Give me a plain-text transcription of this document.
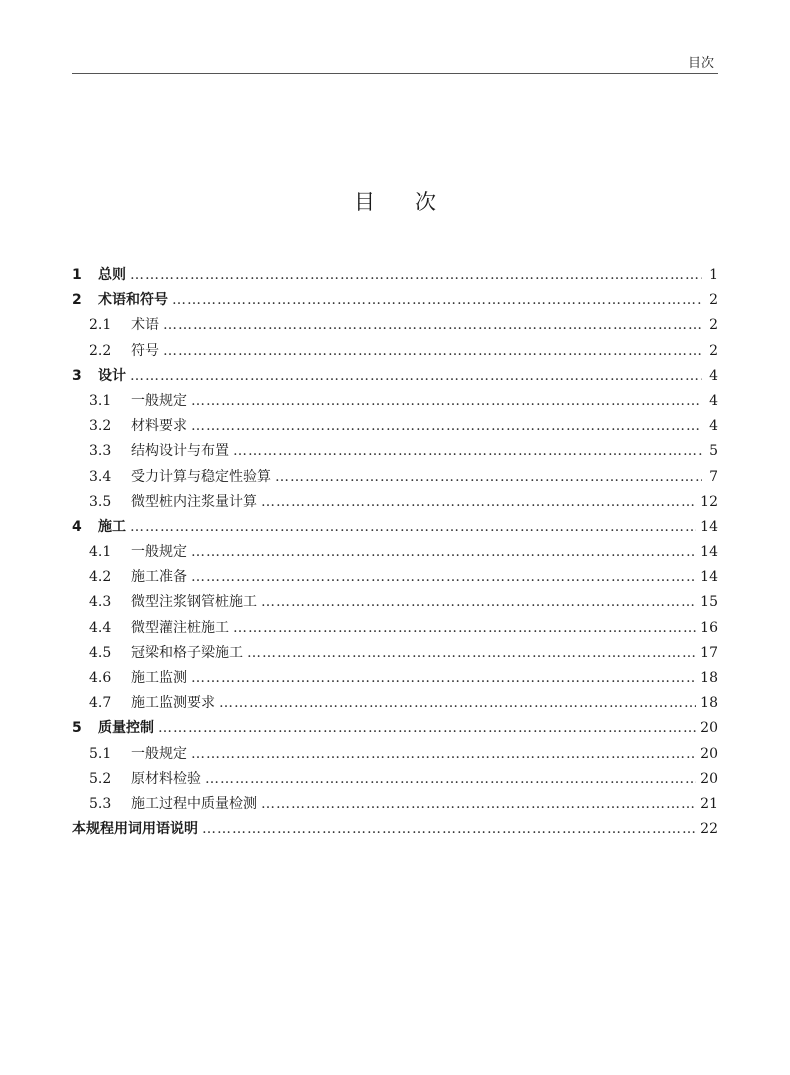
目次
目次
1 总则 ………………………………………………………………………………………………………………………………………………………………………………………………	1
2 术语和符号 ………………………………………………………………………………………………………………………………………………………………………………………………	2
2.1 术语 ………………………………………………………………………………………………………………………………………………………………………………………………	2
2.2 符号 ………………………………………………………………………………………………………………………………………………………………………………………………	2
3 设计 ………………………………………………………………………………………………………………………………………………………………………………………………	4
3.1 一般规定 ………………………………………………………………………………………………………………………………………………………………………………………………	4
3.2 材料要求 ………………………………………………………………………………………………………………………………………………………………………………………………	4
3.3 结构设计与布置 ………………………………………………………………………………………………………………………………………………………………………………………………	5
3.4 受力计算与稳定性验算 ………………………………………………………………………………………………………………………………………………………………………………………………	7
3.5 微型桩内注浆量计算 ………………………………………………………………………………………………………………………………………………………………………………………………	12
4 施工 ………………………………………………………………………………………………………………………………………………………………………………………………	14
4.1 一般规定 ………………………………………………………………………………………………………………………………………………………………………………………………	14
4.2 施工准备 ………………………………………………………………………………………………………………………………………………………………………………………………	14
4.3 微型注浆钢管桩施工 ………………………………………………………………………………………………………………………………………………………………………………………………	15
4.4 微型灌注桩施工 ………………………………………………………………………………………………………………………………………………………………………………………………	16
4.5 冠梁和格子梁施工 ………………………………………………………………………………………………………………………………………………………………………………………………	17
4.6 施工监测 ………………………………………………………………………………………………………………………………………………………………………………………………	18
4.7 施工监测要求 ………………………………………………………………………………………………………………………………………………………………………………………………	18
5 质量控制 ………………………………………………………………………………………………………………………………………………………………………………………………	20
5.1 一般规定 ………………………………………………………………………………………………………………………………………………………………………………………………	20
5.2 原材料检验 ………………………………………………………………………………………………………………………………………………………………………………………………	20
5.3 施工过程中质量检测 ………………………………………………………………………………………………………………………………………………………………………………………………	21
本规程用词用语说明 ………………………………………………………………………………………………………………………………………………………………………………………………	22
